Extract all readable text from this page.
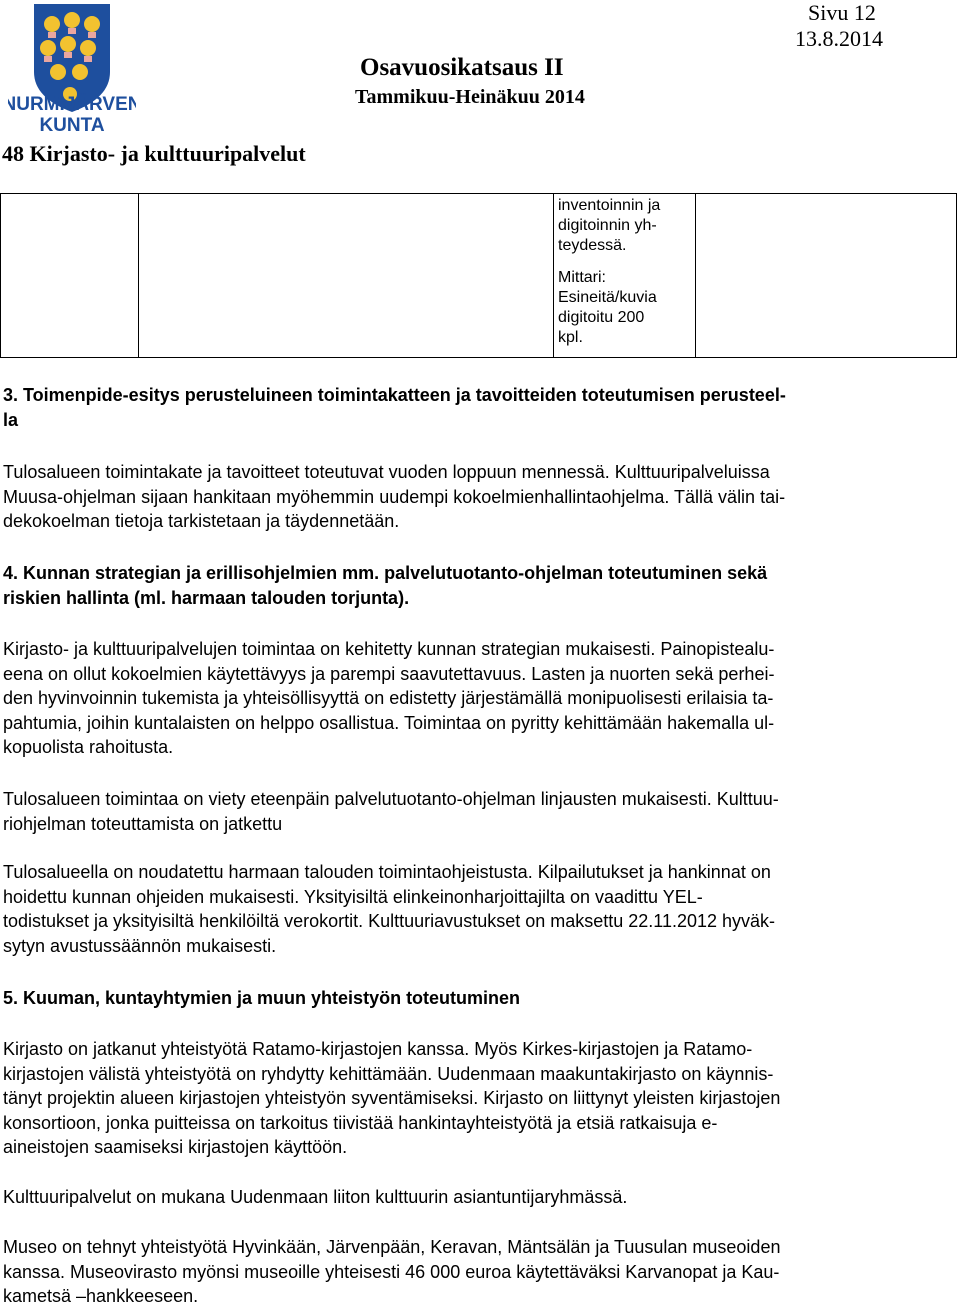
NURMIJÄRVEN
KUNTA
Sivu 12
13.8.2014
Osavuosikatsaus II
Tammikuu-Heinäkuu 2014
48 Kirjasto- ja kulttuuripalvelut

inventoinnin ja

digitoinnin yh-

teydessä.

Mittari:

Esineitä/kuvia

digitoitu 200

kpl.

3. Toimenpide-esitys perusteluineen toimintakatteen ja tavoitteiden toteutumisen perusteel-
la

Tulosalueen toimintakate ja tavoitteet toteutuvat vuoden loppuun mennessä. Kulttuuripalveluissa
Muusa-ohjelman sijaan hankitaan myöhemmin uudempi kokoelmienhallintaohjelma. Tällä välin tai-
dekokoelman tietoja tarkistetaan ja täydennetään.

4. Kunnan strategian ja erillisohjelmien mm. palvelutuotanto-ohjelman toteutuminen sekä
riskien hallinta (ml. harmaan talouden torjunta).

Kirjasto- ja kulttuuripalvelujen toimintaa on kehitetty kunnan strategian mukaisesti. Painopistealu-
eena on ollut kokoelmien käytettävyys ja parempi saavutettavuus. Lasten ja nuorten sekä perhei-
den hyvinvoinnin tukemista ja yhteisöllisyyttä on edistetty järjestämällä monipuolisesti erilaisia ta-
pahtumia, joihin kuntalaisten on helppo osallistua. Toimintaa on pyritty kehittämään hakemalla ul-
kopuolista rahoitusta.

Tulosalueen toimintaa on viety eteenpäin palvelutuotanto-ohjelman linjausten mukaisesti. Kulttuu-
riohjelman toteuttamista on jatkettu

Tulosalueella on noudatettu harmaan talouden toimintaohjeistusta. Kilpailutukset ja hankinnat on
hoidettu kunnan ohjeiden mukaisesti. Yksityisiltä elinkeinonharjoittajilta on vaadittu YEL-
todistukset ja yksityisiltä henkilöiltä verokortit. Kulttuuriavustukset on maksettu 22.11.2012 hyväk-
sytyn avustussäännön mukaisesti.

5. Kuuman, kuntayhtymien ja muun yhteistyön toteutuminen

Kirjasto on jatkanut yhteistyötä Ratamo-kirjastojen kanssa. Myös Kirkes-kirjastojen ja Ratamo-
kirjastojen välistä yhteistyötä on ryhdytty kehittämään. Uudenmaan maakuntakirjasto on käynnis-
tänyt projektin alueen kirjastojen yhteistyön syventämiseksi. Kirjasto on liittynyt yleisten kirjastojen
konsortioon, jonka puitteissa on tarkoitus tiivistää hankintayhteistyötä ja etsiä ratkaisuja e-
aineistojen saamiseksi kirjastojen käyttöön.

Kulttuuripalvelut on mukana Uudenmaan liiton kulttuurin asiantuntijaryhmässä.

Museo on tehnyt yhteistyötä Hyvinkään, Järvenpään, Keravan, Mäntsälän ja Tuusulan museoiden
kanssa. Museovirasto myönsi museoille yhteisesti 46 000 euroa käytettäväksi Karvanopat ja Kau-
kametsä –hankkeeseen.
